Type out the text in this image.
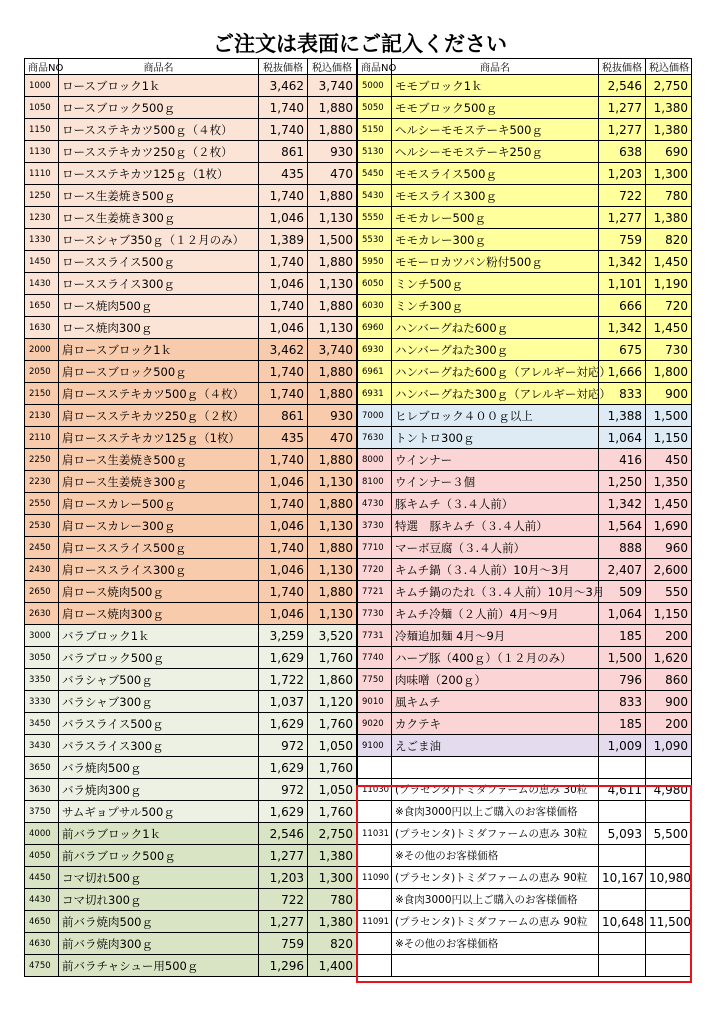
ご注文は表面にご記入ください
商品NO	商品名	税抜価格	税込価格
1000	ロースブロック1ｋ	3,462	3,740
1050	ロースブロック500ｇ	1,740	1,880
1150	ロースステキカツ500ｇ（４枚）	1,740	1,880
1130	ロースステキカツ250ｇ（２枚）	861	930
1110	ロースステキカツ125ｇ（1枚）	435	470
1250	ロース生姜焼き500ｇ	1,740	1,880
1230	ロース生姜焼き300ｇ	1,046	1,130
1330	ロースシャブ350ｇ（１２月のみ）	1,389	1,500
1450	ローススライス500ｇ	1,740	1,880
1430	ローススライス300ｇ	1,046	1,130
1650	ロース焼肉500ｇ	1,740	1,880
1630	ロース焼肉300ｇ	1,046	1,130
2000	肩ロースブロック1ｋ	3,462	3,740
2050	肩ロースブロック500ｇ	1,740	1,880
2150	肩ロースステキカツ500ｇ（４枚）	1,740	1,880
2130	肩ロースステキカツ250ｇ（２枚）	861	930
2110	肩ロースステキカツ125ｇ（1枚）	435	470
2250	肩ロース生姜焼き500ｇ	1,740	1,880
2230	肩ロース生姜焼き300ｇ	1,046	1,130
2550	肩ロースカレー500ｇ	1,740	1,880
2530	肩ロースカレー300ｇ	1,046	1,130
2450	肩ローススライス500ｇ	1,740	1,880
2430	肩ローススライス300ｇ	1,046	1,130
2650	肩ロース焼肉500ｇ	1,740	1,880
2630	肩ロース焼肉300ｇ	1,046	1,130
3000	バラブロック1ｋ	3,259	3,520
3050	バラブロック500ｇ	1,629	1,760
3350	バラシャブ500ｇ	1,722	1,860
3330	バラシャブ300ｇ	1,037	1,120
3450	バラスライス500ｇ	1,629	1,760
3430	バラスライス300ｇ	972	1,050
3650	バラ焼肉500ｇ	1,629	1,760
3630	バラ焼肉300ｇ	972	1,050
3750	サムギョプサル500ｇ	1,629	1,760
4000	前バラブロック1ｋ	2,546	2,750
4050	前バラブロック500ｇ	1,277	1,380
4450	コマ切れ500ｇ	1,203	1,300
4430	コマ切れ300ｇ	722	780
4650	前バラ焼肉500ｇ	1,277	1,380
4630	前バラ焼肉300ｇ	759	820
4750	前バラチャシュー用500ｇ	1,296	1,400
商品NO	商品名	税抜価格	税込価格
5000	モモブロック1ｋ	2,546	2,750
5050	モモブロック500ｇ	1,277	1,380
5150	ヘルシーモモステーキ500ｇ	1,277	1,380
5130	ヘルシーモモステーキ250ｇ	638	690
5450	モモスライス500ｇ	1,203	1,300
5430	モモスライス300ｇ	722	780
5550	モモカレー500ｇ	1,277	1,380
5530	モモカレー300ｇ	759	820
5950	モモーロカツパン粉付500ｇ	1,342	1,450
6050	ミンチ500ｇ	1,101	1,190
6030	ミンチ300ｇ	666	720
6960	ハンバーグねた600ｇ	1,342	1,450
6930	ハンバーグねた300ｇ	675	730
6961	ハンバーグねた600ｇ（アレルギー対応）	1,666	1,800
6931	ハンバーグねた300ｇ（アレルギー対応）	833	900
7000	ヒレブロック４００ｇ以上	1,388	1,500
7630	トントロ300ｇ	1,064	1,150
8000	ウインナー	416	450
8100	ウインナー３個	1,250	1,350
4730	豚キムチ（３.４人前）	1,342	1,450
3730	特選　豚キムチ（３.４人前）	1,564	1,690
7710	マーボ豆腐（３.４人前）	888	960
7720	キムチ鍋（３.４人前）10月～3月	2,407	2,600
7721	キムチ鍋のたれ（３.４人前）10月～3月	509	550
7730	キムチ冷麺（２人前）4月～9月	1,064	1,150
7731	冷麺追加麺 4月～9月	185	200
7740	ハーブ豚（400ｇ）（１２月のみ）	1,500	1,620
7750	肉味噌（200ｇ）	796	860
9010	風キムチ	833	900
9020	カクテキ	185	200
9100	えごま油	1,009	1,090

11030	(プラセンタ)トミダファームの恵み 30粒	4,611	4,980
	※食肉3000円以上ご購入のお客様価格		
11031	(プラセンタ)トミダファームの恵み 30粒	5,093	5,500
	※その他のお客様価格		
11090	(プラセンタ)トミダファームの恵み 90粒	10,167	10,980
	※食肉3000円以上ご購入のお客様価格		
11091	(プラセンタ)トミダファームの恵み 90粒	10,648	11,500
	※その他のお客様価格		
